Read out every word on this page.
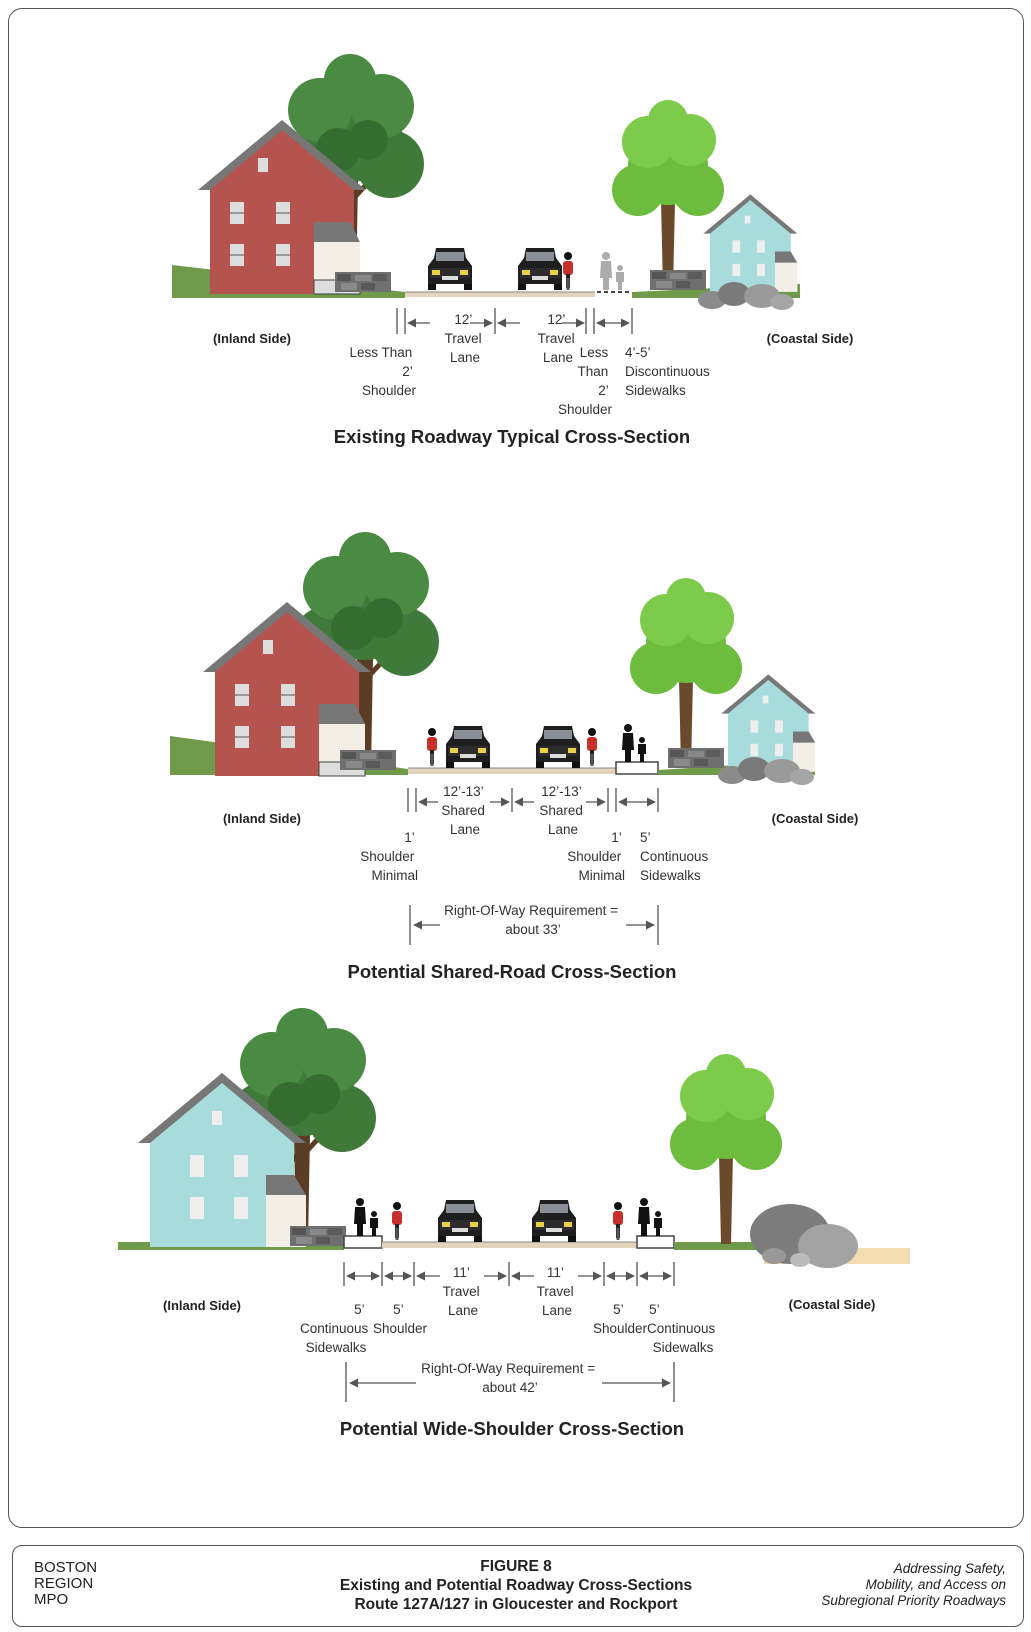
(Inland Side)	(Coastal Side)
12’ Travel Lane
12’ Travel Lane
Less Than 2’ Shoulder
Less Than 2’ Shoulder
4’-5’ Discontinuous Sidewalks
Existing Roadway Typical Cross-Section
(Inland Side)	(Coastal Side)
12’-13’ Shared Lane
12’-13’ Shared Lane
1’ Shoulder Minimal
1’ Shoulder Minimal
5’ Continuous Sidewalks
Right-Of-Way Requirement = about 33’
Potential Shared-Road Cross-Section
(Inland Side)	(Coastal Side)
11’ Travel Lane
11’ Travel Lane
5’ Continuous Sidewalks
5’ Shoulder
5’ Shoulder
5’ Continuous Sidewalks
Right-Of-Way Requirement = about 42’
Potential Wide-Shoulder Cross-Section
BOSTON
REGION
MPO
FIGURE 8
Existing and Potential Roadway Cross-Sections
Route 127A/127 in Gloucester and Rockport
Addressing Safety,
Mobility, and Access on
Subregional Priority Roadways
